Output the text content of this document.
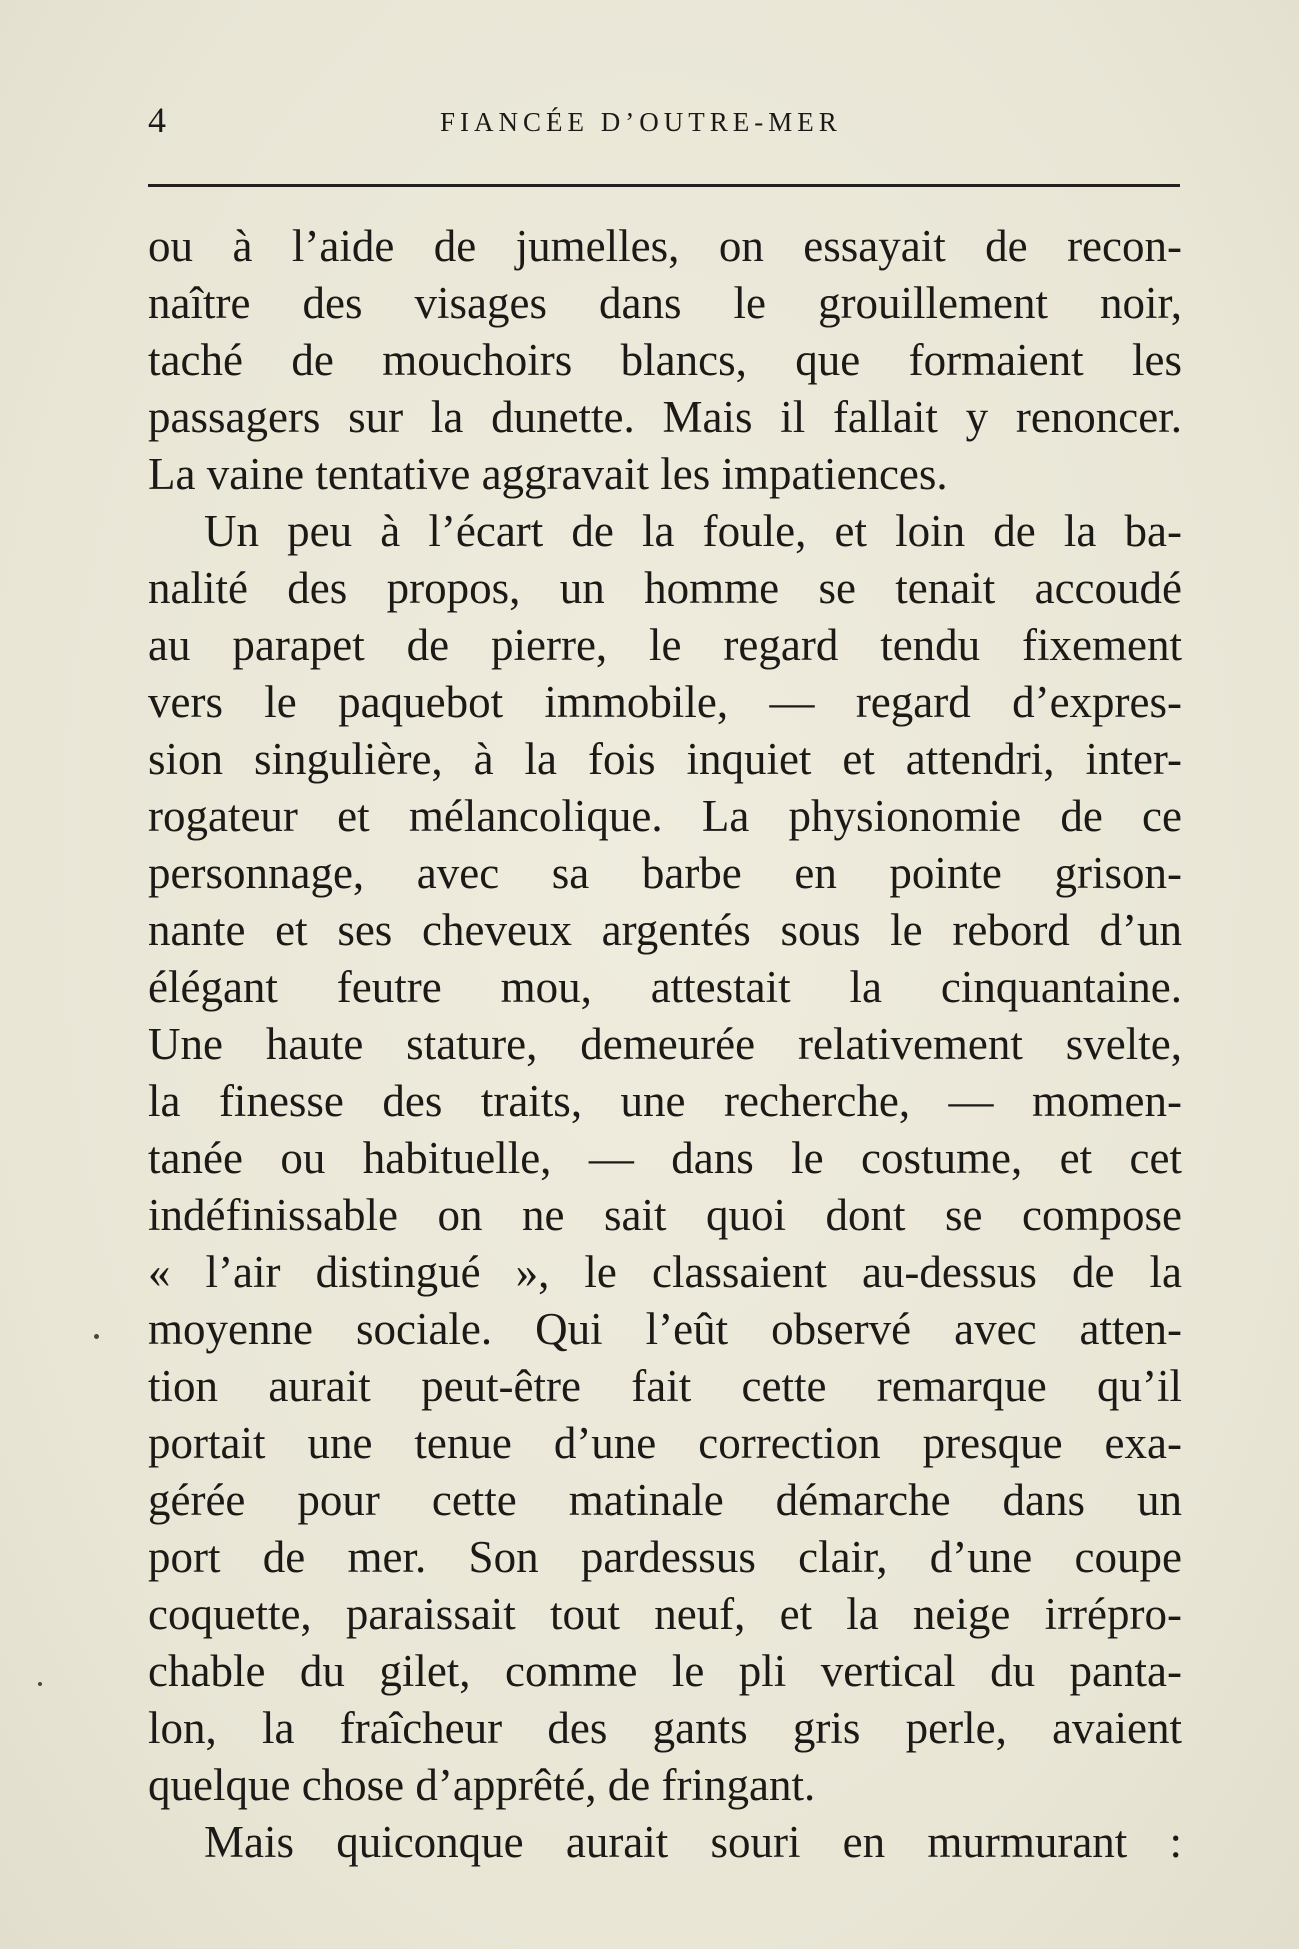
4	FIANCÉE D’OUTRE-MER
ou à l’aide de jumelles, on essayait de recon-
naître des visages dans le grouillement noir,
taché de mouchoirs blancs, que formaient les
passagers sur la dunette. Mais il fallait y renoncer.
La vaine tentative aggravait les impatiences.
Un peu à l’écart de la foule, et loin de la ba-
nalité des propos, un homme se tenait accoudé
au parapet de pierre, le regard tendu fixement
vers le paquebot immobile, — regard d’expres-
sion singulière, à la fois inquiet et attendri, inter-
rogateur et mélancolique. La physionomie de ce
personnage, avec sa barbe en pointe grison-
nante et ses cheveux argentés sous le rebord d’un
élégant feutre mou, attestait la cinquantaine.
Une haute stature, demeurée relativement svelte,
la finesse des traits, une recherche, — momen-
tanée ou habituelle, — dans le costume, et cet
indéfinissable on ne sait quoi dont se compose
« l’air distingué », le classaient au-dessus de la
moyenne sociale. Qui l’eût observé avec atten-
tion aurait peut-être fait cette remarque qu’il
portait une tenue d’une correction presque exa-
gérée pour cette matinale démarche dans un
port de mer. Son pardessus clair, d’une coupe
coquette, paraissait tout neuf, et la neige irrépro-
chable du gilet, comme le pli vertical du panta-
lon, la fraîcheur des gants gris perle, avaient
quelque chose d’apprêté, de fringant.
Mais quiconque aurait souri en murmurant :
